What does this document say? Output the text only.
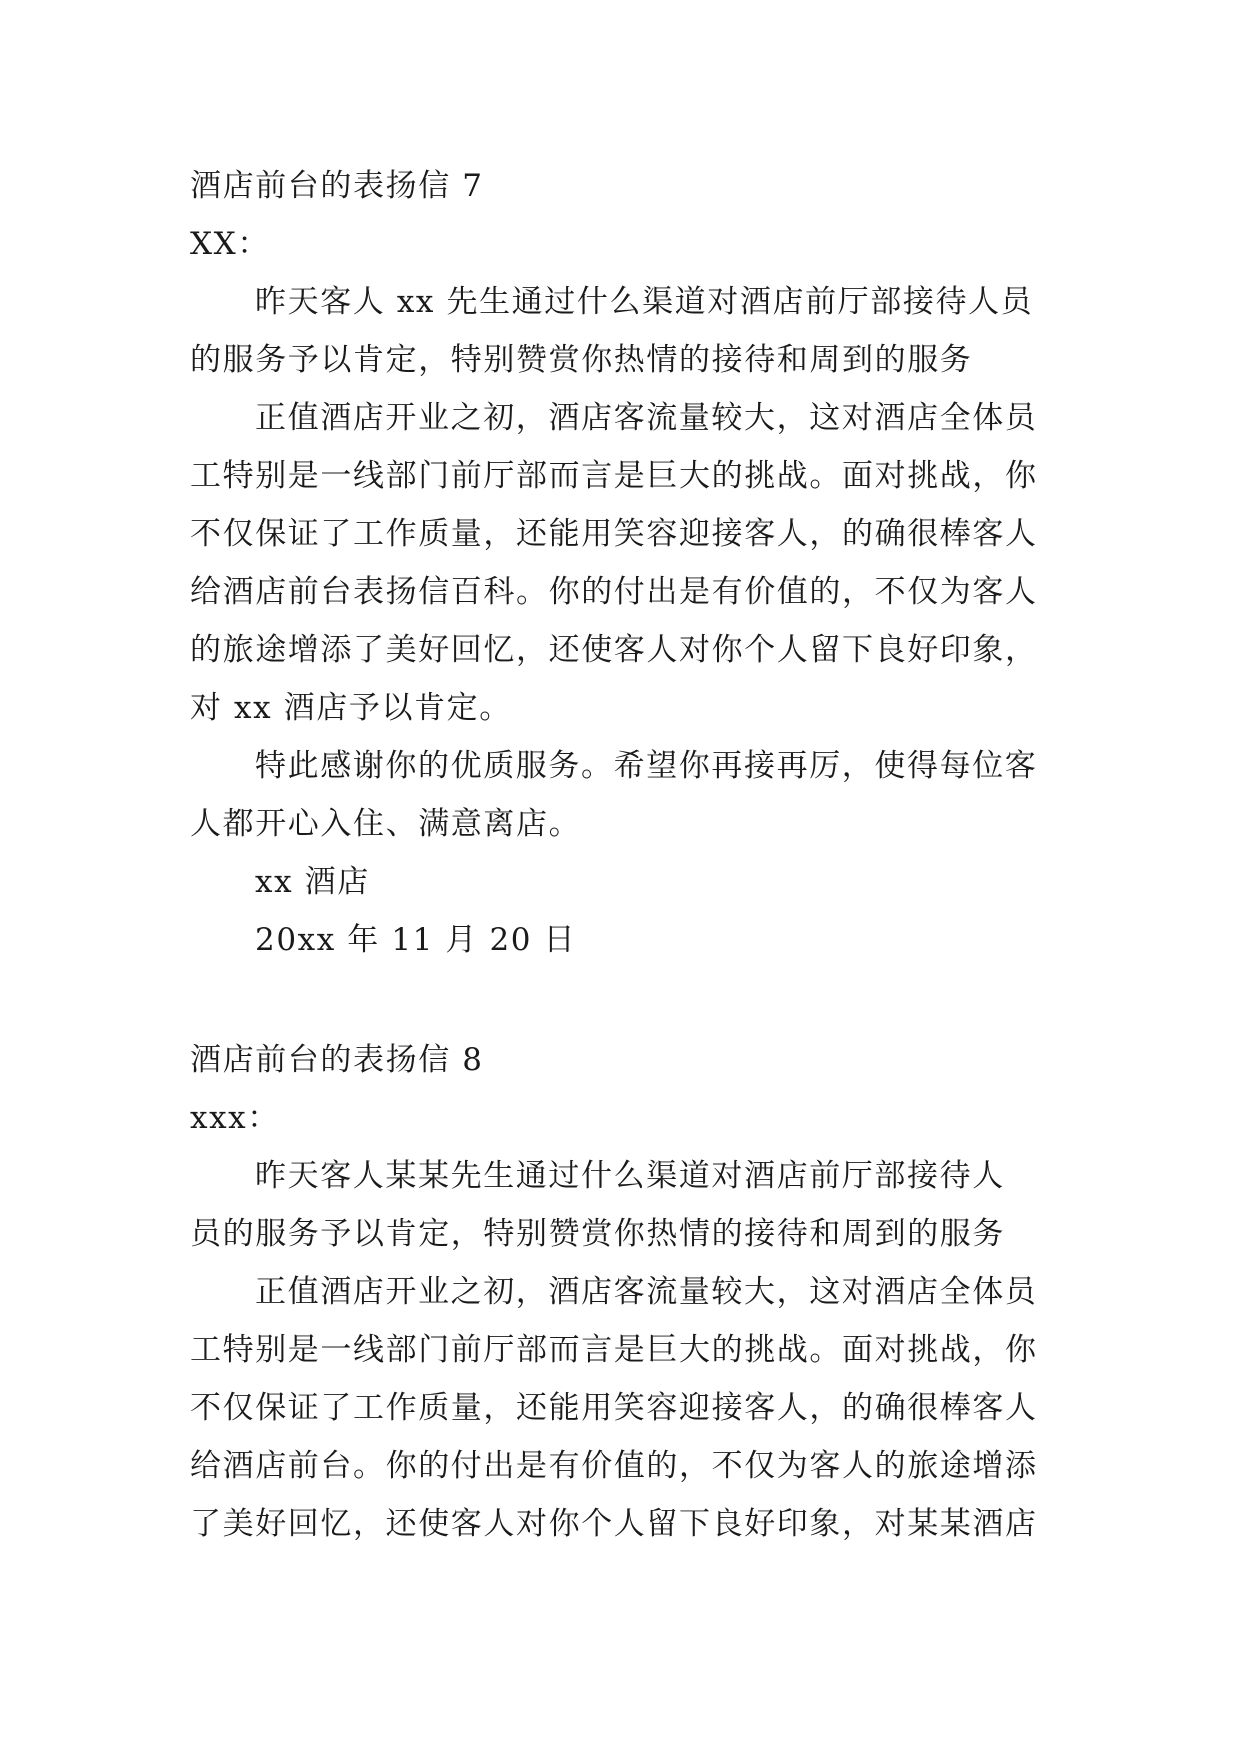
酒店前台的表扬信 7
XX：
昨天客人 xx 先生通过什么渠道对酒店前厅部接待人员
的服务予以肯定，特别赞赏你热情的接待和周到的服务
正值酒店开业之初，酒店客流量较大，这对酒店全体员
工特别是一线部门前厅部而言是巨大的挑战。面对挑战，你
不仅保证了工作质量，还能用笑容迎接客人，的确很棒客人
给酒店前台表扬信百科。你的付出是有价值的，不仅为客人
的旅途增添了美好回忆，还使客人对你个人留下良好印象，
对 xx 酒店予以肯定。
特此感谢你的优质服务。希望你再接再厉，使得每位客
人都开心入住、满意离店。
xx 酒店
20xx 年 11 月 20 日
酒店前台的表扬信 8
xxx：
昨天客人某某先生通过什么渠道对酒店前厅部接待人
员的服务予以肯定，特别赞赏你热情的接待和周到的服务
正值酒店开业之初，酒店客流量较大，这对酒店全体员
工特别是一线部门前厅部而言是巨大的挑战。面对挑战，你
不仅保证了工作质量，还能用笑容迎接客人，的确很棒客人
给酒店前台。你的付出是有价值的，不仅为客人的旅途增添
了美好回忆，还使客人对你个人留下良好印象，对某某酒店
